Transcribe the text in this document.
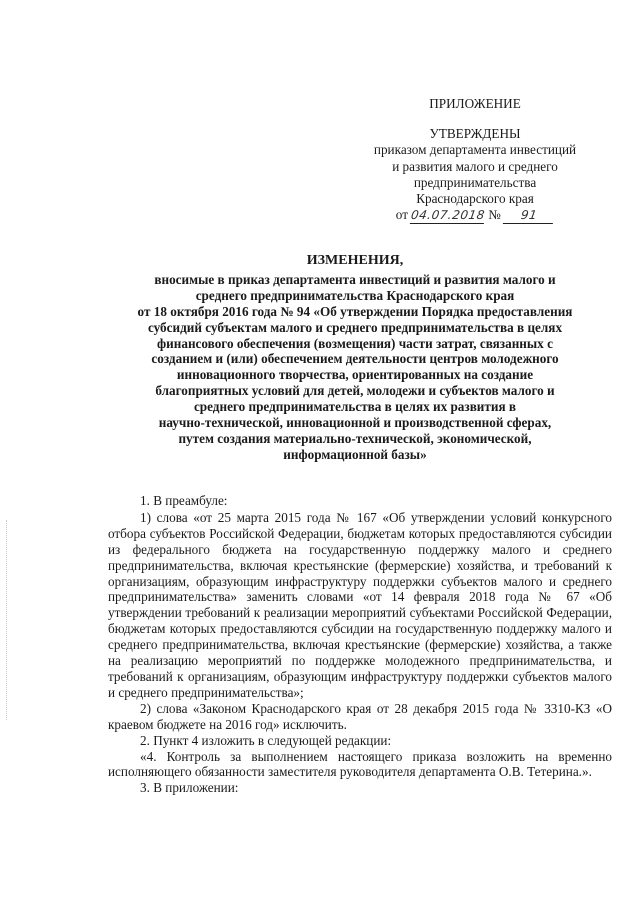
ПРИЛОЖЕНИЕ
УТВЕРЖДЕНЫ
приказом департамента инвестиций
и развития малого и среднего
предпринимательства
Краснодарского края
от 04.07.2018 № 91
ИЗМЕНЕНИЯ,
вносимые в приказ департамента инвестиций и развития малого и
среднего предпринимательства Краснодарского края
от 18 октября 2016 года № 94 «Об утверждении Порядка предоставления
субсидий субъектам малого и среднего предпринимательства в целях
финансового обеспечения (возмещения) части затрат, связанных с
созданием и (или) обеспечением деятельности центров молодежного
инновационного творчества, ориентированных на создание
благоприятных условий для детей, молодежи и субъектов малого и
среднего предпринимательства в целях их развития в
научно-технической, инновационной и производственной сферах,
путем создания материально-технической, экономической,
информационной базы»

1. В преамбуле:

1) слова «от 25 марта 2015 года № 167 «Об утверждении условий конкурсного отбора субъектов Российской Федерации, бюджетам которых предоставляются субсидии из федерального бюджета на государственную поддержку малого и среднего предпринимательства, включая крестьянские (фермерские) хозяйства, и требований к организациям, образующим инфраструктуру поддержки субъектов малого и среднего предпринимательства» заменить словами «от 14 февраля 2018 года № 67 «Об утверждении требований к реализации мероприятий субъектами Российской Федерации, бюджетам которых предоставляются субсидии на государственную поддержку малого и среднего предпринимательства, включая крестьянские (фермерские) хозяйства, а также на реализацию мероприятий по поддержке молодежного предпринимательства, и требований к организациям, образующим инфраструктуру поддержки субъектов малого и среднего предпринимательства»;

2) слова «Законом Краснодарского края от 28 декабря 2015 года № 3310-КЗ «О краевом бюджете на 2016 год» исключить.

2. Пункт 4 изложить в следующей редакции:

«4. Контроль за выполнением настоящего приказа возложить на временно исполняющего обязанности заместителя руководителя департамента О.В. Тетерина.».

3. В приложении:
